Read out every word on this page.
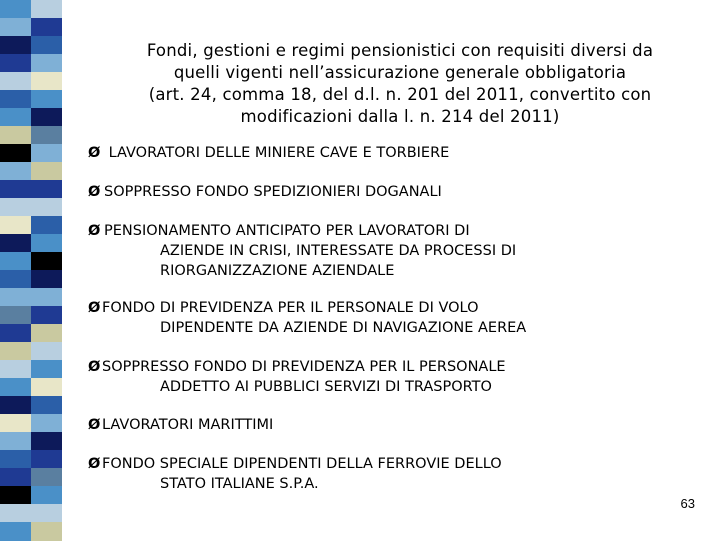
Fondi, gestioni e regimi pensionistici con requisiti diversi da
quelli vigenti nell’assicurazione generale obbligatoria
(art. 24, comma 18, del d.l. n. 201 del 2011, convertito con
modificazioni dalla l. n. 214 del 2011)
Ø LAVORATORI DELLE MINIERE CAVE E TORBIERE
Ø SOPPRESSO FONDO SPEDIZIONIERI DOGANALI
Ø PENSIONAMENTO ANTICIPATO PER LAVORATORI DI
AZIENDE IN CRISI, INTERESSATE DA PROCESSI DI
RIORGANIZZAZIONE AZIENDALE
Ø FONDO DI PREVIDENZA PER IL PERSONALE DI VOLO
DIPENDENTE DA AZIENDE DI NAVIGAZIONE AEREA
Ø SOPPRESSO FONDO DI PREVIDENZA PER IL PERSONALE
ADDETTO AI PUBBLICI SERVIZI DI TRASPORTO
Ø LAVORATORI MARITTIMI
Ø FONDO SPECIALE DIPENDENTI DELLA FERROVIE DELLO
STATO ITALIANE S.P.A.
63
